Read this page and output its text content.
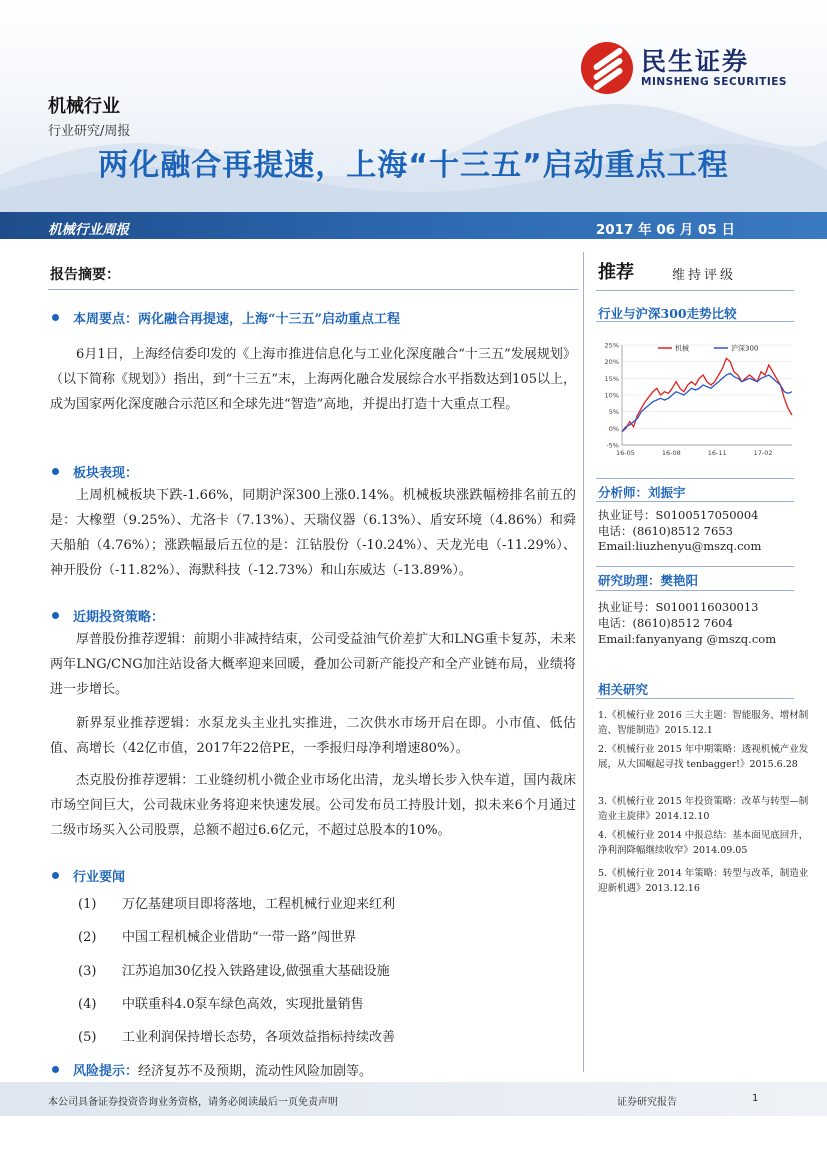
民生证券
MINSHENG SECURITIES
机械行业
行业研究/周报
两化融合再提速，上海“十三五”启动重点工程
机械行业周报	2017 年 06 月 05 日
报告摘要：
本周要点：两化融合再提速，上海“十三五”启动重点工程
6月1日，上海经信委印发的《上海市推进信息化与工业化深度融合“十三五”发展规划》（以下简称《规划》）指出，到“十三五”末，上海两化融合发展综合水平指数达到105以上，成为国家两化深度融合示范区和全球先进“智造”高地，并提出打造十大重点工程。
板块表现：
上周机械板块下跌-1.66%，同期沪深300上涨0.14%。机械板块涨跌幅榜排名前五的是：大橡塑（9.25%）、尤洛卡（7.13%）、天瑞仪器（6.13%）、盾安环境（4.86%）和舜天船舶（4.76%）；涨跌幅最后五位的是：江钻股份（-10.24%）、天龙光电（-11.29%）、神开股份（-11.82%）、海默科技（-12.73%）和山东威达（-13.89%）。
近期投资策略：
厚普股份推荐逻辑：前期小非减持结束，公司受益油气价差扩大和LNG重卡复苏，未来两年LNG/CNG加注站设备大概率迎来回暖，叠加公司新产能投产和全产业链布局，业绩将进一步增长。
新界泵业推荐逻辑：水泵龙头主业扎实推进，二次供水市场开启在即。小市值、低估值、高增长（42亿市值，2017年22倍PE，一季报归母净利增速80%）。
杰克股份推荐逻辑：工业缝纫机小微企业市场化出清，龙头增长步入快车道，国内裁床市场空间巨大，公司裁床业务将迎来快速发展。公司发布员工持股计划，拟未来6个月通过二级市场买入公司股票，总额不超过6.6亿元，不超过总股本的10%。
行业要闻
(1) 万亿基建项目即将落地，工程机械行业迎来红利
(2) 中国工程机械企业借助“一带一路”闯世界
(3) 江苏追加30亿投入铁路建设,做强重大基础设施
(4) 中联重科4.0泵车绿色高效，实现批量销售
(5) 工业利润保持增长态势，各项效益指标持续改善
风险提示： 经济复苏不及预期，流动性风险加剧等。
推荐	维持评级
行业与沪深300走势比较
25%
20%
15%
10%
5%
0%
-5%
16-05	16-08	16-11	17-02
机械	沪深300
分析师：刘振宇
执业证号：S0100517050004
电话：(8610)8512 7653
Email:liuzhenyu@mszq.com
研究助理：樊艳阳
执业证号：S0100116030013
电话：(8610)8512 7604
Email:fanyanyang @mszq.com
相关研究
1.《机械行业 2016 三大主题：智能服务、增材制造、智能制造》2015.12.1
2.《机械行业 2015 年中期策略：透视机械产业发展，从大国崛起寻找 tenbagger!》2015.6.28
3.《机械行业 2015 年投资策略：改革与转型—制造业主旋律》2014.12.10
4.《机械行业 2014 中报总结：基本面见底回升，净利润降幅继续收窄》2014.09.05
5.《机械行业 2014 年策略：转型与改革，制造业迎新机遇》2013.12.16
本公司具备证券投资咨询业务资格，请务必阅读最后一页免责声明	证券研究报告	1
